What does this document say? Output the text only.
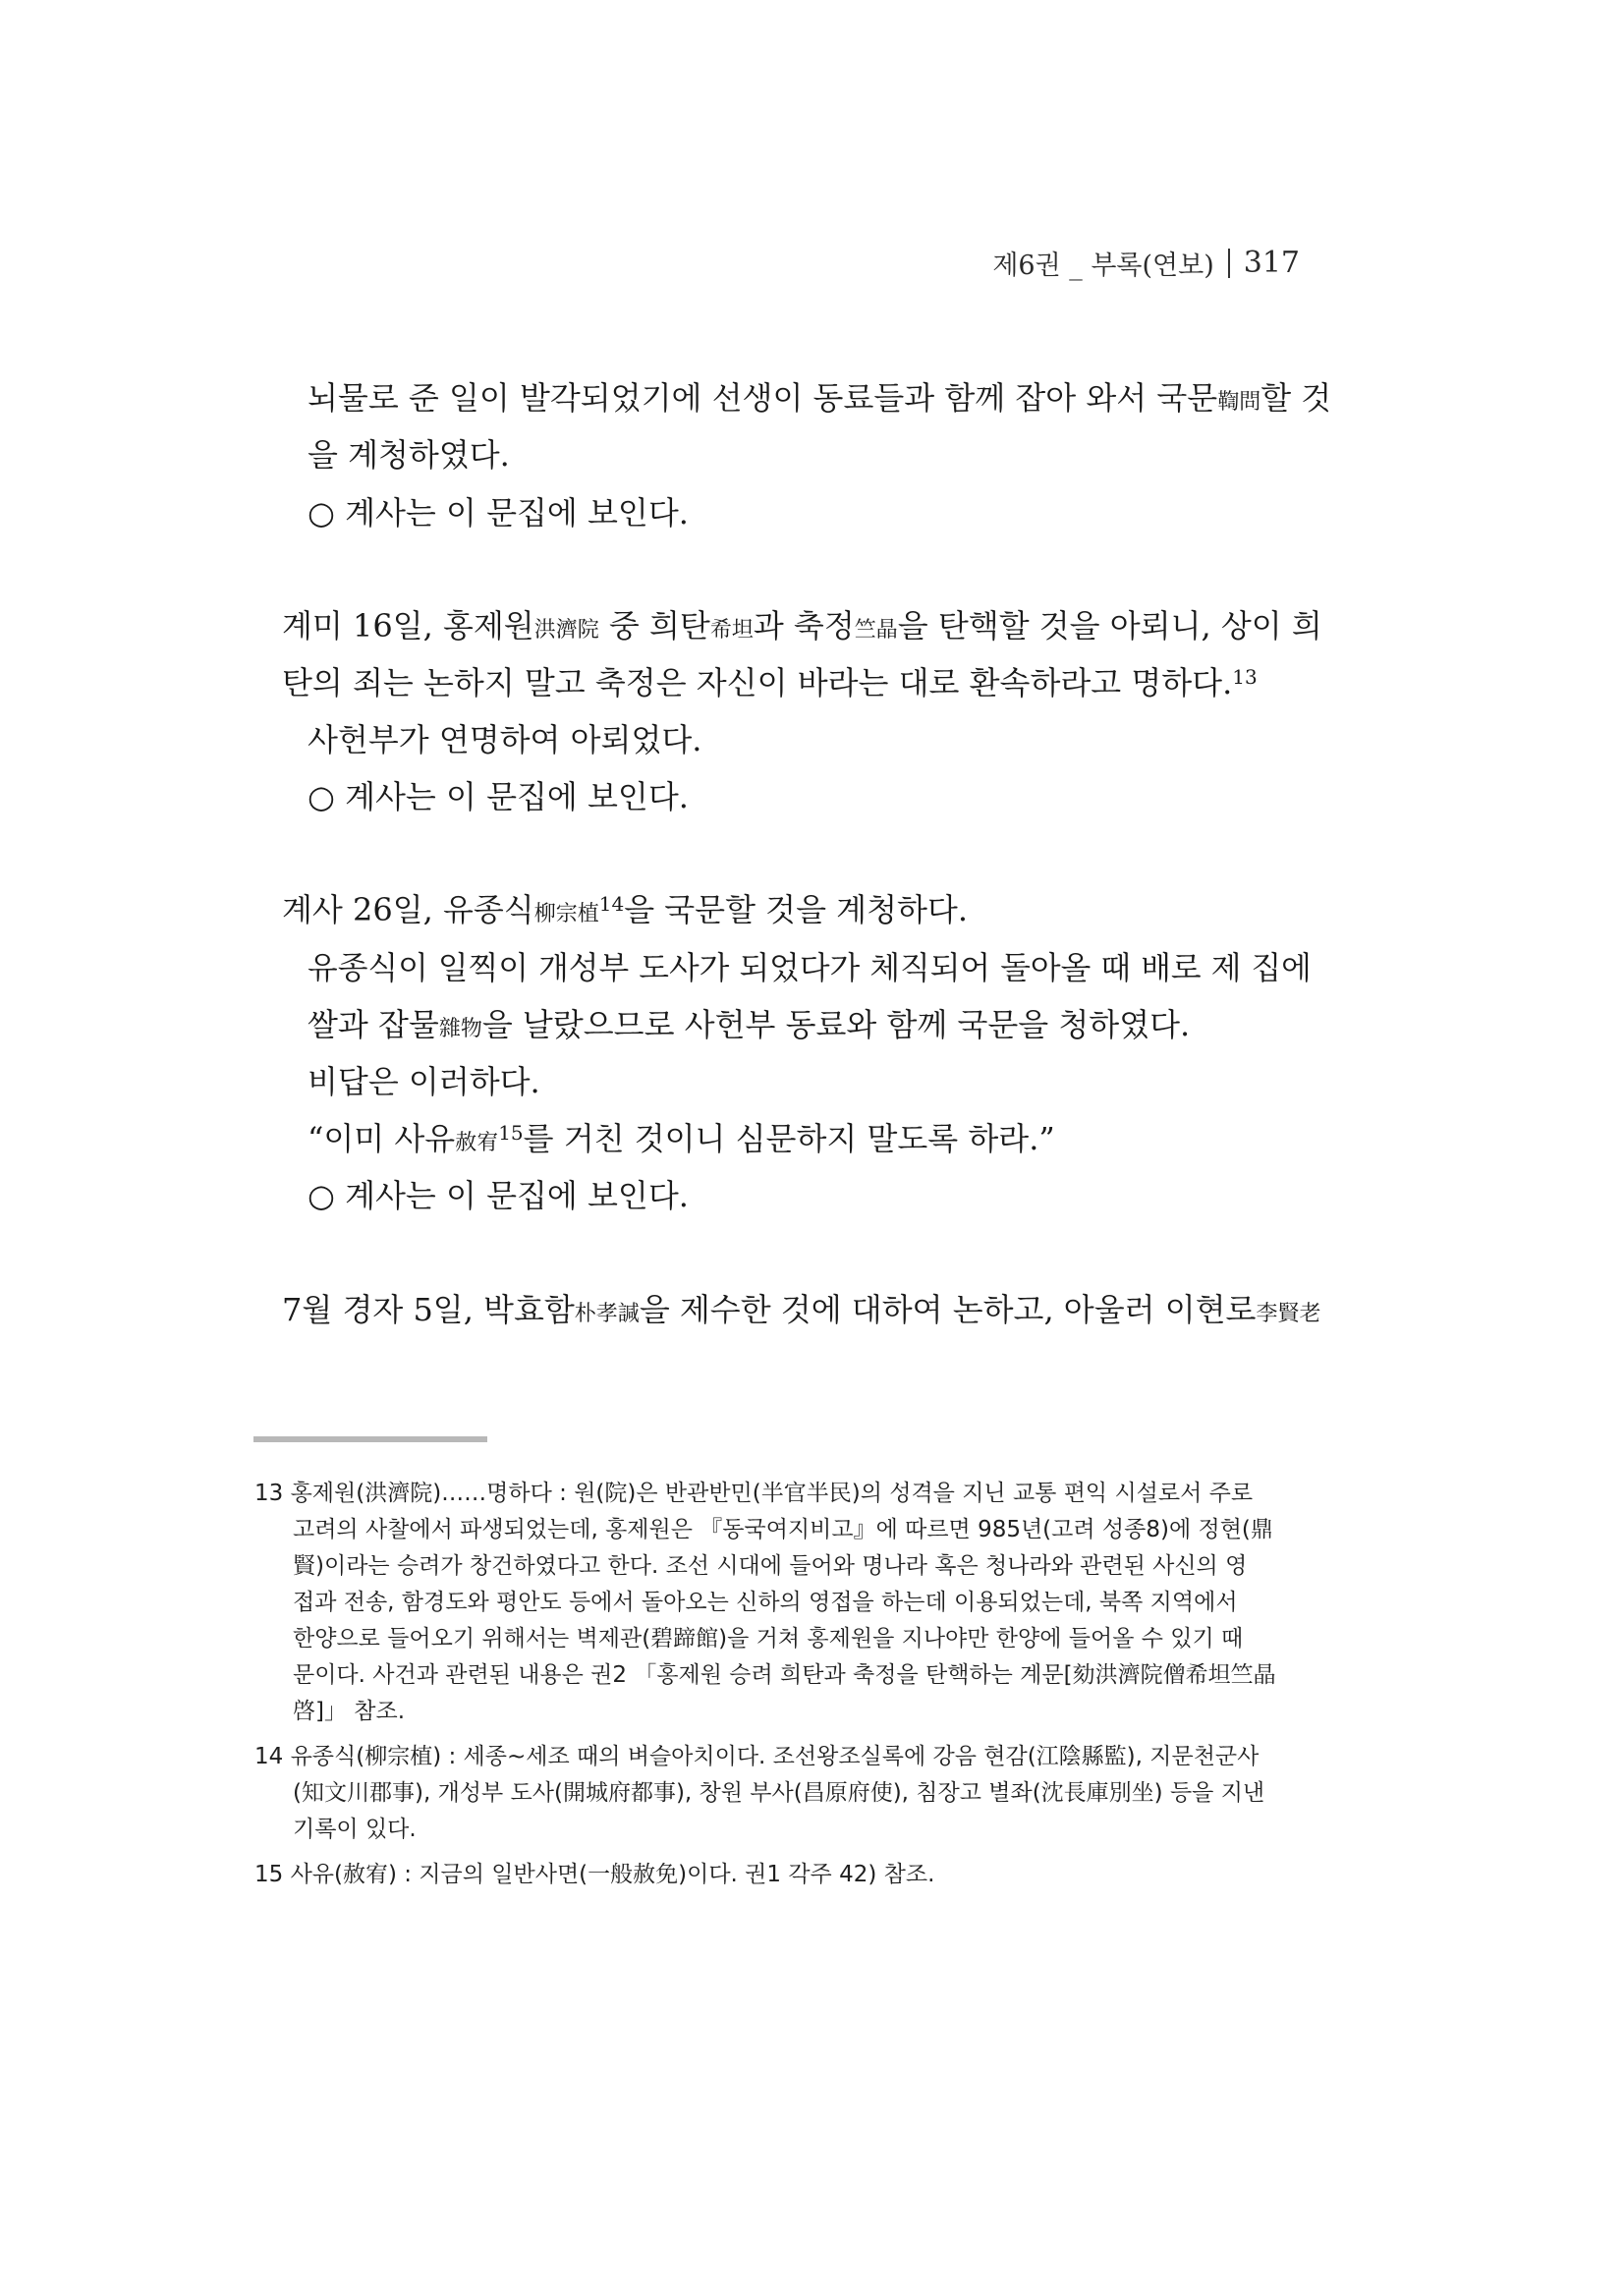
제6권 _ 부록(연보) 317
뇌물로 준 일이 발각되었기에 선생이 동료들과 함께 잡아 와서 국문鞫問할 것
을 계청하였다.
○ 계사는 이 문집에 보인다.
계미 16일, 홍제원洪濟院 중 희탄希坦과 축정竺晶을 탄핵할 것을 아뢰니, 상이 희
탄의 죄는 논하지 말고 축정은 자신이 바라는 대로 환속하라고 명하다.$^{13}$
사헌부가 연명하여 아뢰었다.
○ 계사는 이 문집에 보인다.
계사 26일, 유종식柳宗植$^{14}$을 국문할 것을 계청하다.
유종식이 일찍이 개성부 도사가 되었다가 체직되어 돌아올 때 배로 제 집에
쌀과 잡물雜物을 날랐으므로 사헌부 동료와 함께 국문을 청하였다.
비답은 이러하다.
“이미 사유赦宥$^{15}$를 거친 것이니 심문하지 말도록 하라.”
○ 계사는 이 문집에 보인다.
7월 경자 5일, 박효함朴孝諴을 제수한 것에 대하여 논하고, 아울러 이현로李賢老
13 홍제원(洪濟院)……명하다 : 원(院)은 반관반민(半官半民)의 성격을 지닌 교통 편익 시설로서 주로
고려의 사찰에서 파생되었는데, 홍제원은 『동국여지비고』에 따르면 985년(고려 성종8)에 정현(鼎
賢)이라는 승려가 창건하였다고 한다. 조선 시대에 들어와 명나라 혹은 청나라와 관련된 사신의 영
접과 전송, 함경도와 평안도 등에서 돌아오는 신하의 영접을 하는데 이용되었는데, 북쪽 지역에서
한양으로 들어오기 위해서는 벽제관(碧蹄館)을 거쳐 홍제원을 지나야만 한양에 들어올 수 있기 때
문이다. 사건과 관련된 내용은 권2 「홍제원 승려 희탄과 축정을 탄핵하는 계문[劾洪濟院僧希坦竺晶
啓]」 참조.
14 유종식(柳宗植) : 세종~세조 때의 벼슬아치이다. 조선왕조실록에 강음 현감(江陰縣監), 지문천군사
(知文川郡事), 개성부 도사(開城府都事), 창원 부사(昌原府使), 침장고 별좌(沈長庫別坐) 등을 지낸
기록이 있다.
15 사유(赦宥) : 지금의 일반사면(一般赦免)이다. 권1 각주 42) 참조.
